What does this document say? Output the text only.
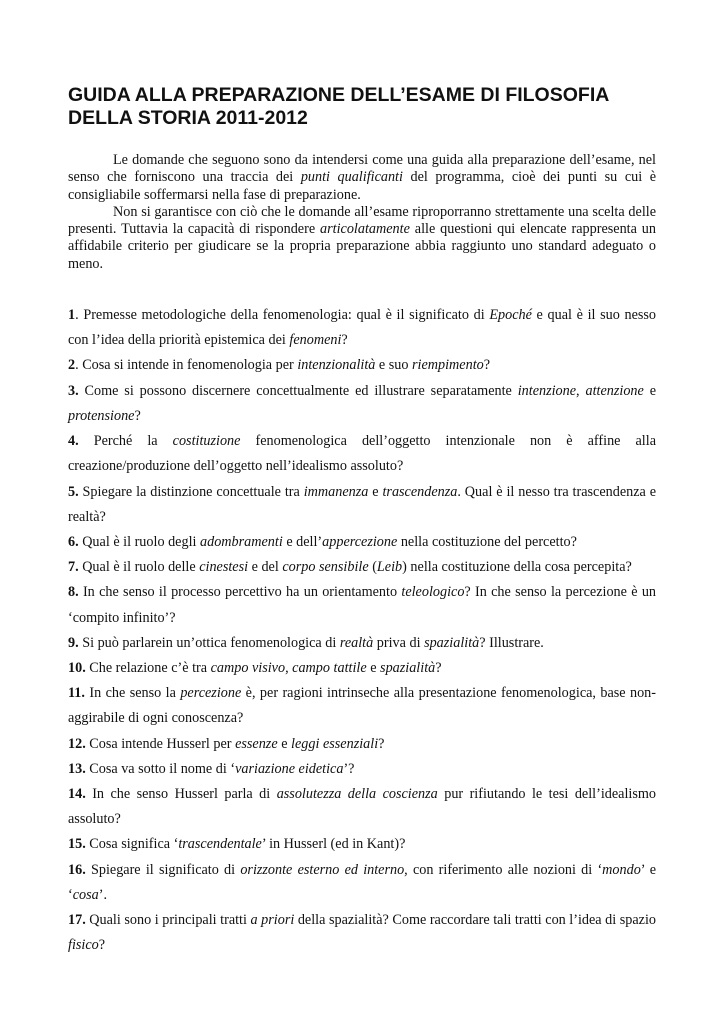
GUIDA ALLA PREPARAZIONE DELL’ESAME DI FILOSOFIA DELLA STORIA 2011-2012

Le domande che seguono sono da intendersi come una guida alla preparazione dell’esame, nel senso che forniscono una traccia dei punti qualificanti del programma, cioè dei punti su cui è consigliabile soffermarsi nella fase di preparazione.

Non si garantisce con ciò che le domande all’esame riproporranno strettamente una scelta delle presenti. Tuttavia la capacità di rispondere articolatamente alle questioni qui elencate rappresenta un affidabile criterio per giudicare se la propria preparazione abbia raggiunto uno standard adeguato o meno.

1. Premesse metodologiche della fenomenologia: qual è il significato di Epoché e qual è il suo nesso con l’idea della priorità epistemica dei fenomeni?
2. Cosa si intende in fenomenologia per intenzionalità e suo riempimento?
3. Come si possono discernere concettualmente ed illustrare separatamente intenzione, attenzione e protensione?
4. Perché la costituzione fenomenologica dell’oggetto intenzionale non è affine alla creazione/produzione dell’oggetto nell’idealismo assoluto?
5. Spiegare la distinzione concettuale tra immanenza e trascendenza. Qual è il nesso tra trascendenza e realtà?
6. Qual è il ruolo degli adombramenti e dell’appercezione nella costituzione del percetto?
7. Qual è il ruolo delle cinestesi e del corpo sensibile (Leib) nella costituzione della cosa percepita?
8. In che senso il processo percettivo ha un orientamento teleologico? In che senso la percezione è un ‘compito infinito’?
9. Si può parlarein un’ottica fenomenologica di realtà priva di spazialità? Illustrare.
10. Che relazione c’è tra campo visivo, campo tattile e spazialità?
11. In che senso la percezione è, per ragioni intrinseche alla presentazione fenomenologica, base non-aggirabile di ogni conoscenza?
12. Cosa intende Husserl per essenze e leggi essenziali?
13. Cosa va sotto il nome di ‘variazione eidetica’?
14. In che senso Husserl parla di assolutezza della coscienza pur rifiutando le tesi dell’idealismo assoluto?
15. Cosa significa ‘trascendentale’ in Husserl (ed in Kant)?
16. Spiegare il significato di orizzonte esterno ed interno, con riferimento alle nozioni di ‘mondo’ e ‘cosa’.
17. Quali sono i principali tratti a priori della spazialità? Come raccordare tali tratti con l’idea di spazio fisico?
